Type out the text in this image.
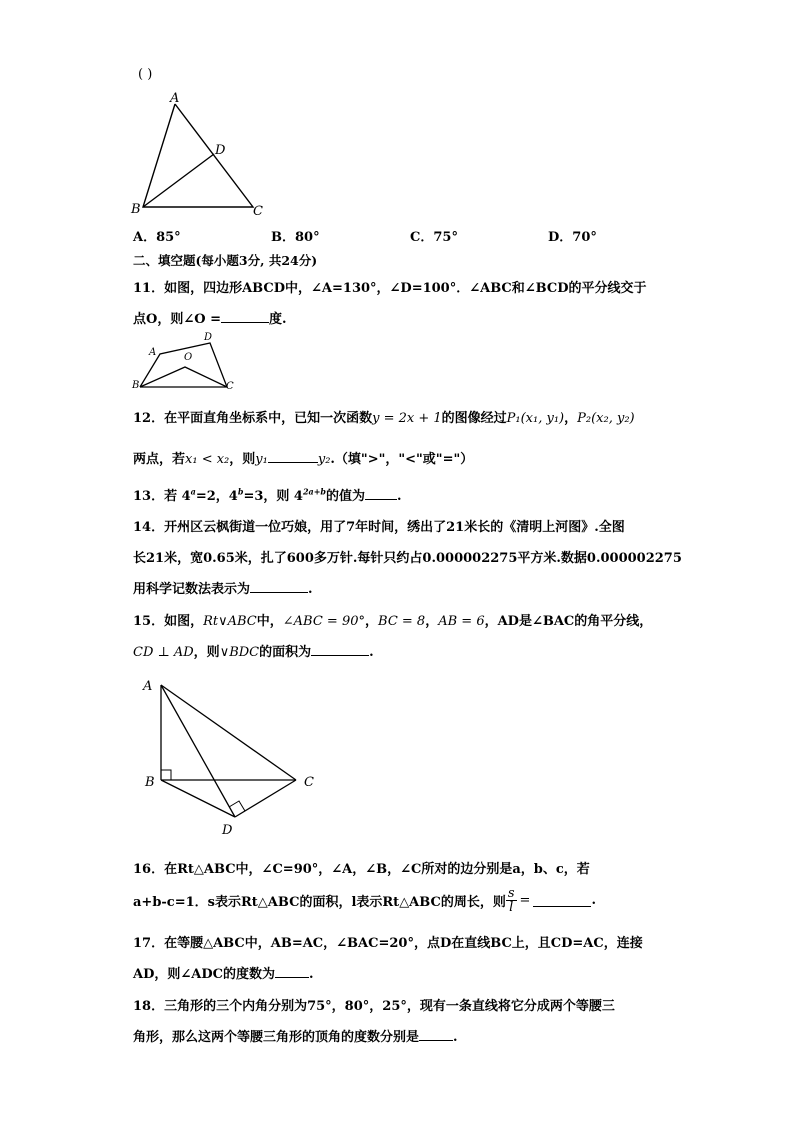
( )
A
D
B	C
A．85°	B．80°	C．75°	D．70°
二、填空题(每小题3分, 共24分)
11．如图，四边形ABCD中，∠A=130°，∠D=100°．∠ABC和∠BCD的平分线交于
点O，则∠O =	度.
A
D
O
B	C
12．在平面直角坐标系中，已知一次函数y = 2x + 1的图像经过P₁(x₁, y₁)，P₂(x₂, y₂)
两点，若x₁ < x₂，则y₁	y₂.（填">"，"<"或"="）
13．若 $4^a=2$，$4^b=3$，则 $4^{2a+b}$的值为 .
14．开州区云枫街道一位巧娘，用了7年时间，绣出了21米长的《清明上河图》.全图
长21米，宽0.65米，扎了600多万针.每针只约占0.000002275平方米.数据0.000002275
用科学记数法表示为	.
15．如图，Rt∨ABC中，∠ABC = 90°，BC = 8，AB = 6，AD是∠BAC的角平分线，
CD ⊥ AD，则∨BDC的面积为	.
A
B	C
D
16．在Rt△ABC中，∠C=90°，∠A，∠B，∠C所对的边分别是a，b、c，若
a+b-c=1．s表示Rt△ABC的面积，l表示Rt△ABC的周长，则 $\frac{s}{l}$ =	.
17．在等腰△ABC中，AB=AC，∠BAC=20°，点D在直线BC上，且CD=AC，连接
AD，则∠ADC的度数为	.
18．三角形的三个内角分别为75°，80°，25°，现有一条直线将它分成两个等腰三
角形，那么这两个等腰三角形的顶角的度数分别是	.
